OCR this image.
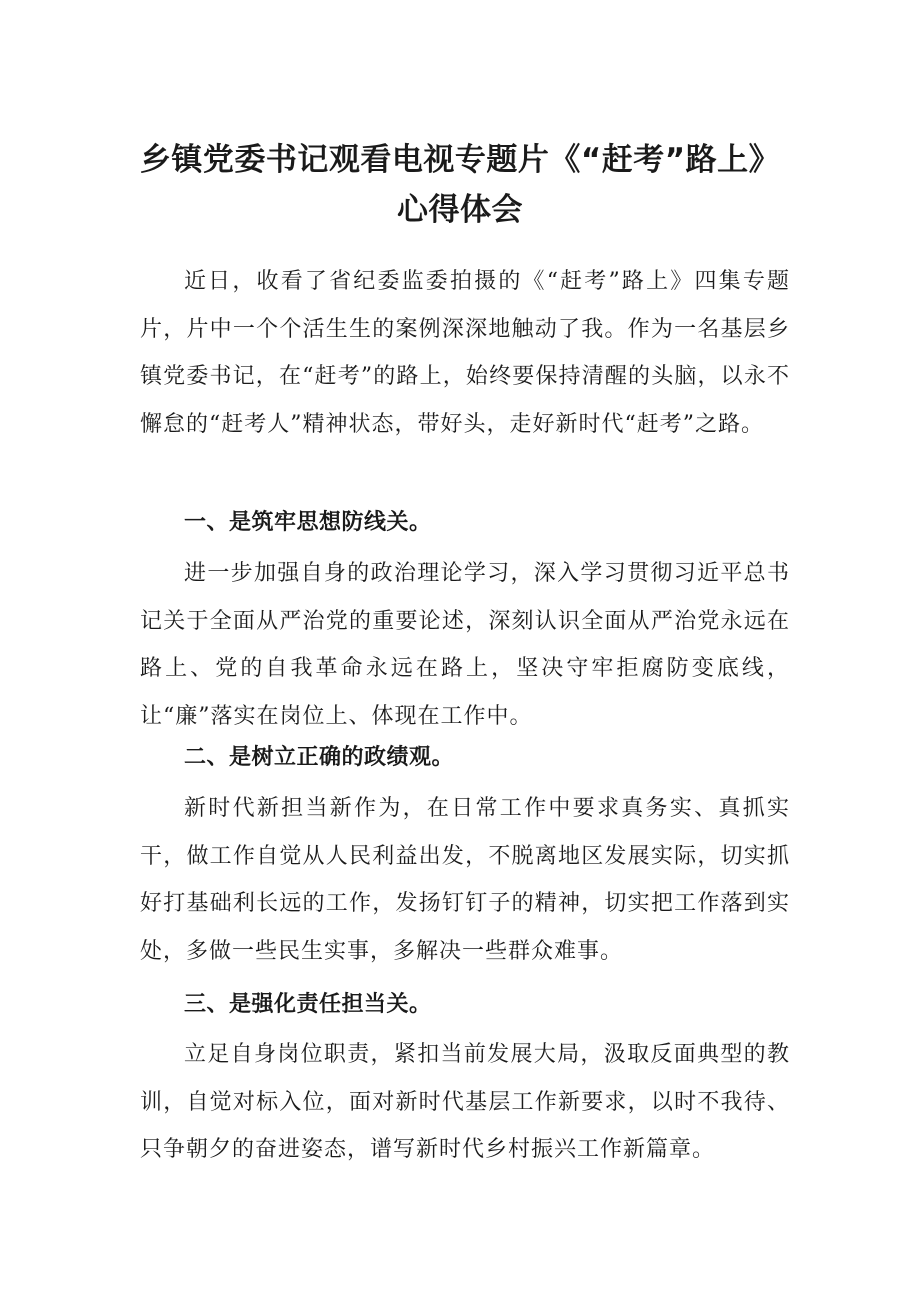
乡镇党委书记观看电视专题片《“赶考”路上》
心得体会

近日，收看了省纪委监委拍摄的《“赶考”路上》四集专题片，片中一个个活生生的案例深深地触动了我。作为一名基层乡镇党委书记，在“赶考”的路上，始终要保持清醒的头脑，以永不懈怠的“赶考人”精神状态，带好头，走好新时代“赶考”之路。

一、是筑牢思想防线关。

进一步加强自身的政治理论学习，深入学习贯彻习近平总书记关于全面从严治党的重要论述，深刻认识全面从严治党永远在路上、党的自我革命永远在路上，坚决守牢拒腐防变底线，让“廉”落实在岗位上、体现在工作中。

二、是树立正确的政绩观。

新时代新担当新作为，在日常工作中要求真务实、真抓实干，做工作自觉从人民利益出发，不脱离地区发展实际，切实抓好打基础利长远的工作，发扬钉钉子的精神，切实把工作落到实处，多做一些民生实事，多解决一些群众难事。

三、是强化责任担当关。

立足自身岗位职责，紧扣当前发展大局，汲取反面典型的教训，自觉对标入位，面对新时代基层工作新要求，以时不我待、只争朝夕的奋进姿态，谱写新时代乡村振兴工作新篇章。
